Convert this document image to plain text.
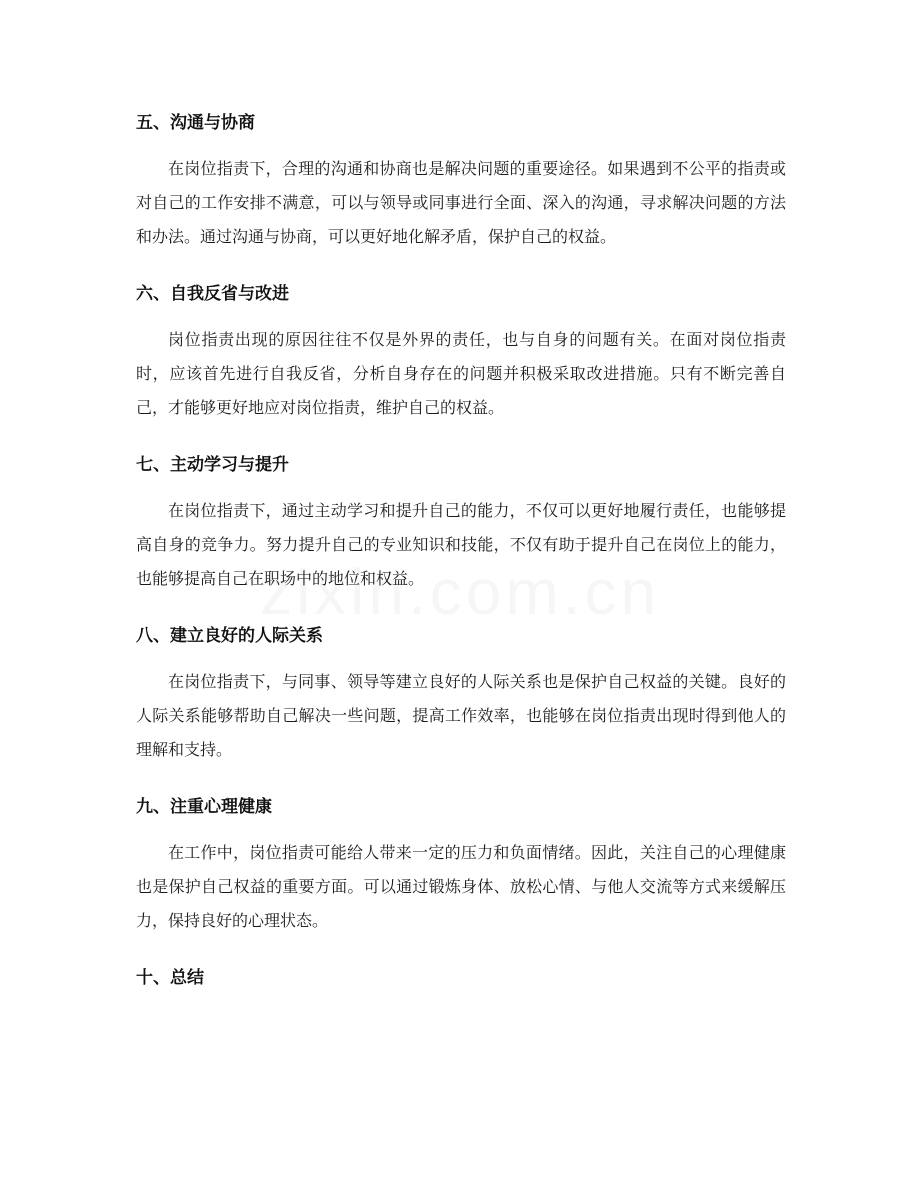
五、沟通与协商

在岗位指责下，合理的沟通和协商也是解决问题的重要途径。如果遇到不公平的指责或对自己的工作安排不满意，可以与领导或同事进行全面、深入的沟通，寻求解决问题的方法和办法。通过沟通与协商，可以更好地化解矛盾，保护自己的权益。

六、自我反省与改进

岗位指责出现的原因往往不仅是外界的责任，也与自身的问题有关。在面对岗位指责时，应该首先进行自我反省，分析自身存在的问题并积极采取改进措施。只有不断完善自己，才能够更好地应对岗位指责，维护自己的权益。

七、主动学习与提升

在岗位指责下，通过主动学习和提升自己的能力，不仅可以更好地履行责任，也能够提高自身的竞争力。努力提升自己的专业知识和技能，不仅有助于提升自己在岗位上的能力，也能够提高自己在职场中的地位和权益。

八、建立良好的人际关系

在岗位指责下，与同事、领导等建立良好的人际关系也是保护自己权益的关键。良好的人际关系能够帮助自己解决一些问题，提高工作效率，也能够在岗位指责出现时得到他人的理解和支持。

九、注重心理健康

在工作中，岗位指责可能给人带来一定的压力和负面情绪。因此，关注自己的心理健康也是保护自己权益的重要方面。可以通过锻炼身体、放松心情、与他人交流等方式来缓解压力，保持良好的心理状态。

十、总结
